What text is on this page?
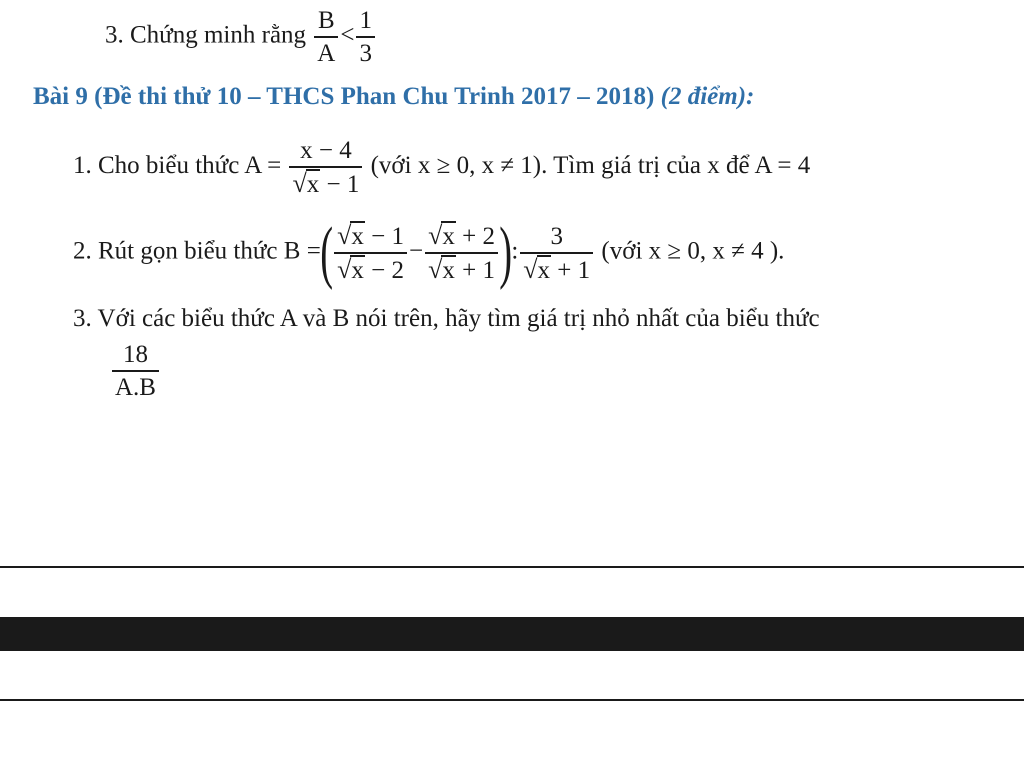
3. Chứng minh rằng $\frac{B}{A} < \frac{1}{3}$
Bài 9 (Đề thi thử 10 – THCS Phan Chu Trinh 2017 – 2018) (2 điểm):
1. Cho biểu thức $A = \frac{x - 4}{√x - 1}$ (với x ≥ 0, x ≠ 1). Tìm giá trị của x để A = 4
2. Rút gọn biểu thức B =( $\frac{√x - 1}{√x - 2} - \frac{√x + 2}{√x + 1}$ ): $\frac{3}{√x + 1}$ (với x ≥ 0, x ≠ 4 ).
3. Với các biểu thức A và B nói trên, hãy tìm giá trị nhỏ nhất của biểu thức
$\frac{18}{A.B}$
